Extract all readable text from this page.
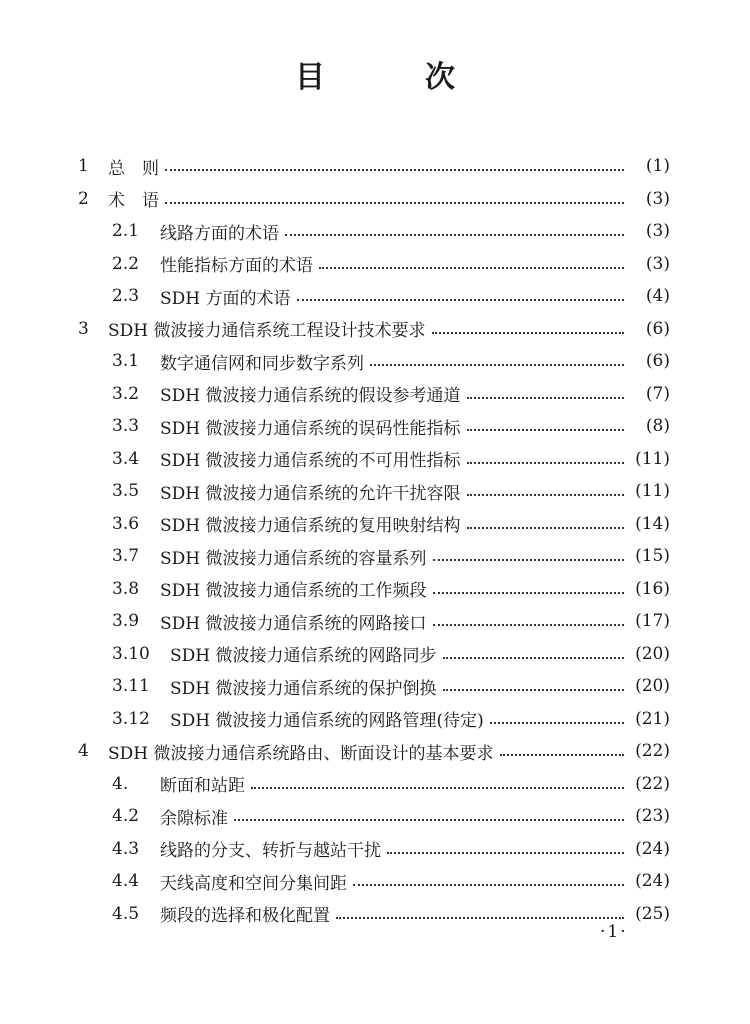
目	次
1	总　则	(1)
2	术　语	(3)
2.1	线路方面的术语	(3)
2.2	性能指标方面的术语	(3)
2.3	SDH 方面的术语	(4)
3	SDH 微波接力通信系统工程设计技术要求	(6)
3.1	数字通信网和同步数字系列	(6)
3.2	SDH 微波接力通信系统的假设参考通道	(7)
3.3	SDH 微波接力通信系统的误码性能指标	(8)
3.4	SDH 微波接力通信系统的不可用性指标	(11)
3.5	SDH 微波接力通信系统的允许干扰容限	(11)
3.6	SDH 微波接力通信系统的复用映射结构	(14)
3.7	SDH 微波接力通信系统的容量系列	(15)
3.8	SDH 微波接力通信系统的工作频段	(16)
3.9	SDH 微波接力通信系统的网路接口	(17)
3.10	SDH 微波接力通信系统的网路同步	(20)
3.11	SDH 微波接力通信系统的保护倒换	(20)
3.12	SDH 微波接力通信系统的网路管理(待定)	(21)
4	SDH 微波接力通信系统路由、断面设计的基本要求	(22)
4.	断面和站距	(22)
4.2	余隙标准	(23)
4.3	线路的分支、转折与越站干扰	(24)
4.4	天线高度和空间分集间距	(24)
4.5	频段的选择和极化配置	(25)
·1·
